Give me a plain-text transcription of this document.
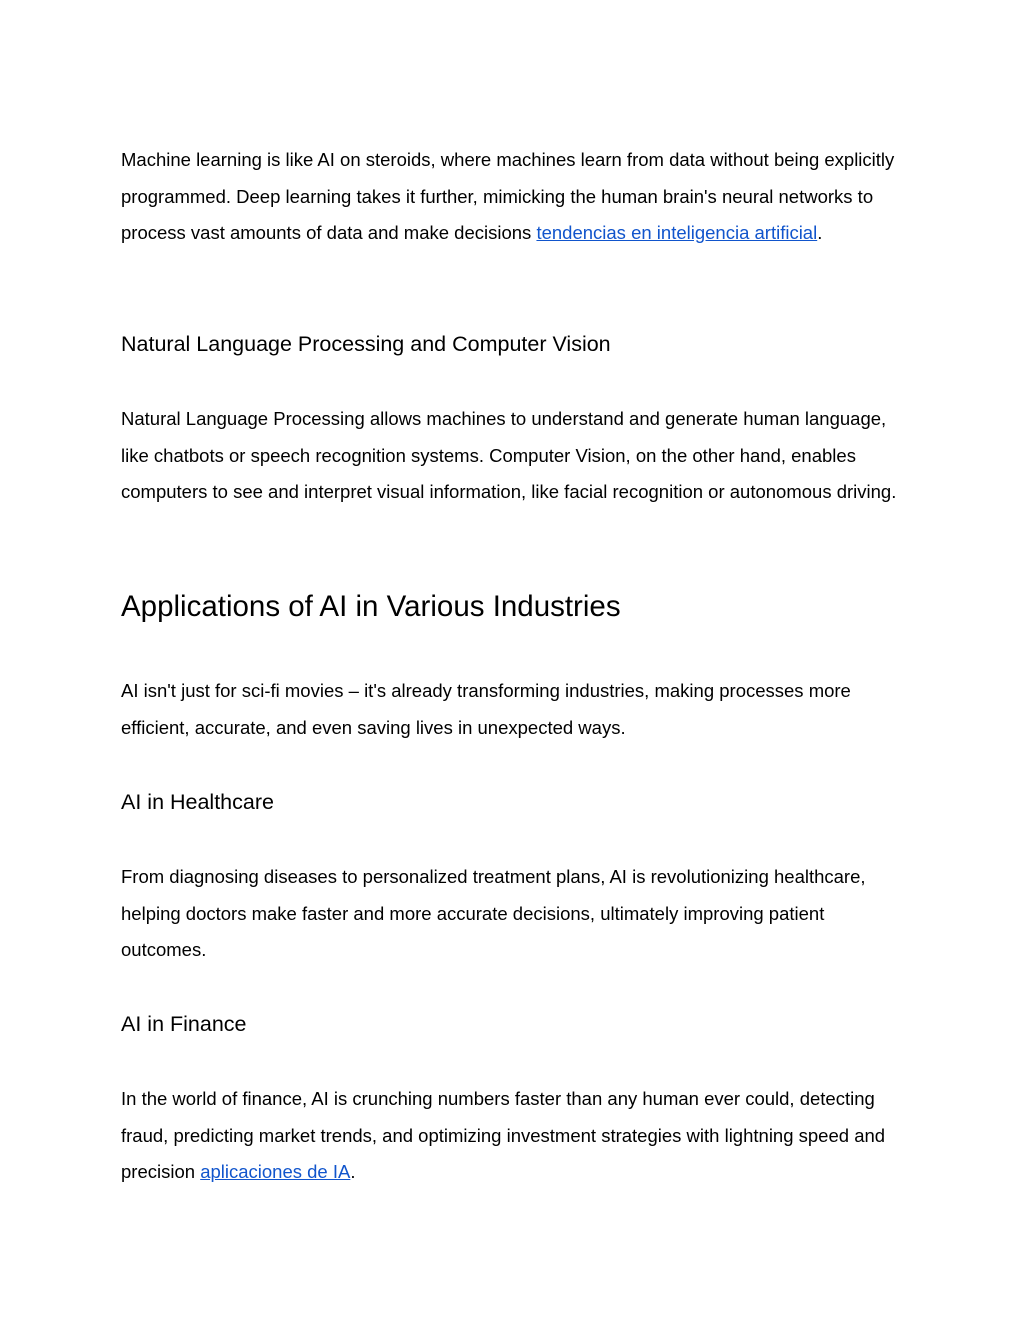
Machine learning is like AI on steroids, where machines learn from data without being explicitly programmed. Deep learning takes it further, mimicking the human brain's neural networks to process vast amounts of data and make decisions tendencias en inteligencia artificial.

Natural Language Processing and Computer Vision

Natural Language Processing allows machines to understand and generate human language, like chatbots or speech recognition systems. Computer Vision, on the other hand, enables computers to see and interpret visual information, like facial recognition or autonomous driving.

Applications of AI in Various Industries

AI isn't just for sci-fi movies – it's already transforming industries, making processes more efficient, accurate, and even saving lives in unexpected ways.

AI in Healthcare

From diagnosing diseases to personalized treatment plans, AI is revolutionizing healthcare, helping doctors make faster and more accurate decisions, ultimately improving patient outcomes.

AI in Finance

In the world of finance, AI is crunching numbers faster than any human ever could, detecting fraud, predicting market trends, and optimizing investment strategies with lightning speed and precision aplicaciones de IA.
